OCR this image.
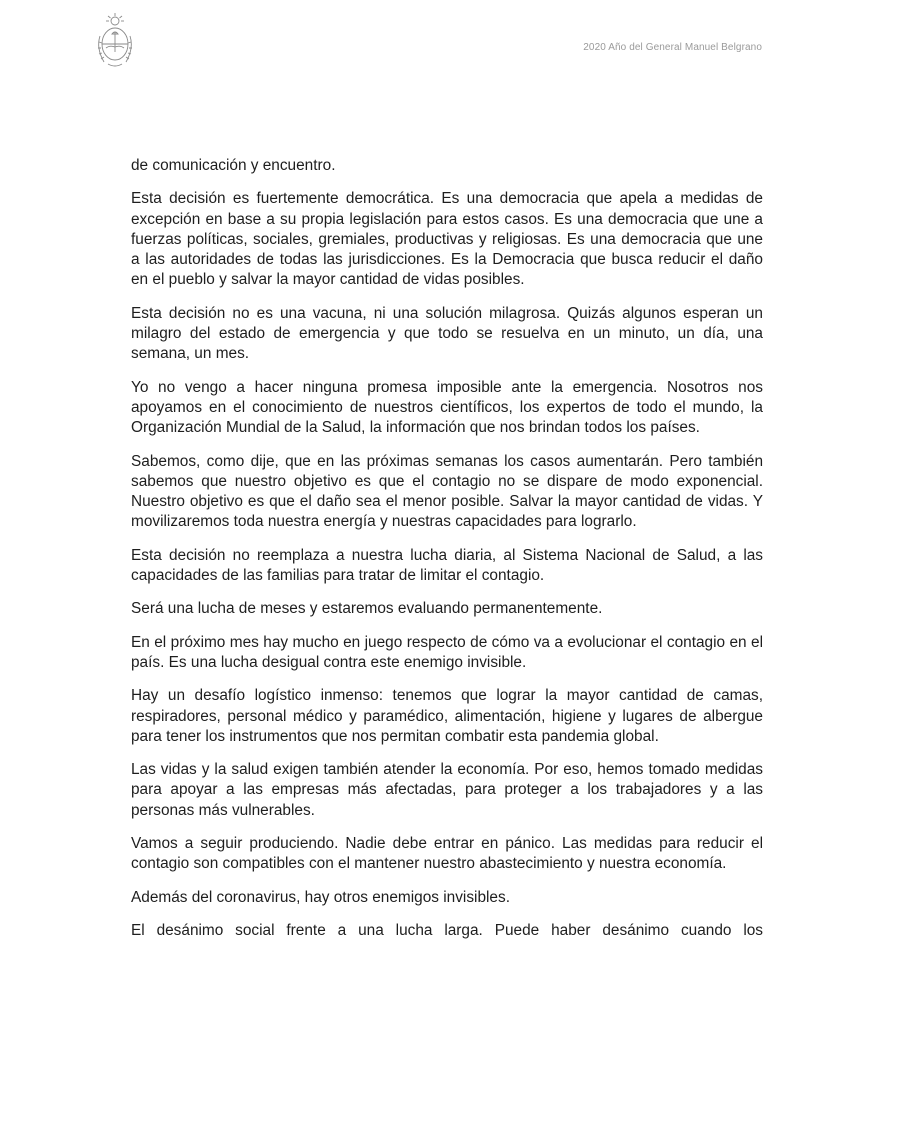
2020 Año del General Manuel Belgrano

de comunicación y encuentro.

Esta decisión es fuertemente democrática. Es una democracia que apela a medidas de excepción en base a su propia legislación para estos casos. Es una democracia que une a fuerzas políticas, sociales, gremiales, productivas y religiosas. Es una democracia que une a las autoridades de todas las jurisdicciones. Es la Democracia que busca reducir el daño en el pueblo y salvar la mayor cantidad de vidas posibles.

Esta decisión no es una vacuna, ni una solución milagrosa. Quizás algunos esperan un milagro del estado de emergencia y que todo se resuelva en un minuto, un día, una semana, un mes.

Yo no vengo a hacer ninguna promesa imposible ante la emergencia. Nosotros nos apoyamos en el conocimiento de nuestros científicos, los expertos de todo el mundo, la Organización Mundial de la Salud, la información que nos brindan todos los países.

Sabemos, como dije, que en las próximas semanas los casos aumentarán. Pero también sabemos que nuestro objetivo es que el contagio no se dispare de modo exponencial. Nuestro objetivo es que el daño sea el menor posible. Salvar la mayor cantidad de vidas. Y movilizaremos toda nuestra energía y nuestras capacidades para lograrlo.

Esta decisión no reemplaza a nuestra lucha diaria, al Sistema Nacional de Salud, a las capacidades de las familias para tratar de limitar el contagio.

Será una lucha de meses y estaremos evaluando permanentemente.

En el próximo mes hay mucho en juego respecto de cómo va a evolucionar el contagio en el país. Es una lucha desigual contra este enemigo invisible.

Hay un desafío logístico inmenso: tenemos que lograr la mayor cantidad de camas, respiradores, personal médico y paramédico, alimentación, higiene y lugares de albergue para tener los instrumentos que nos permitan combatir esta pandemia global.

Las vidas y la salud exigen también atender la economía. Por eso, hemos tomado medidas para apoyar a las empresas más afectadas, para proteger a los trabajadores y a las personas más vulnerables.

Vamos a seguir produciendo. Nadie debe entrar en pánico. Las medidas para reducir el contagio son compatibles con el mantener nuestro abastecimiento y nuestra economía.

Además del coronavirus, hay otros enemigos invisibles.

El desánimo social frente a una lucha larga. Puede haber desánimo cuando los
